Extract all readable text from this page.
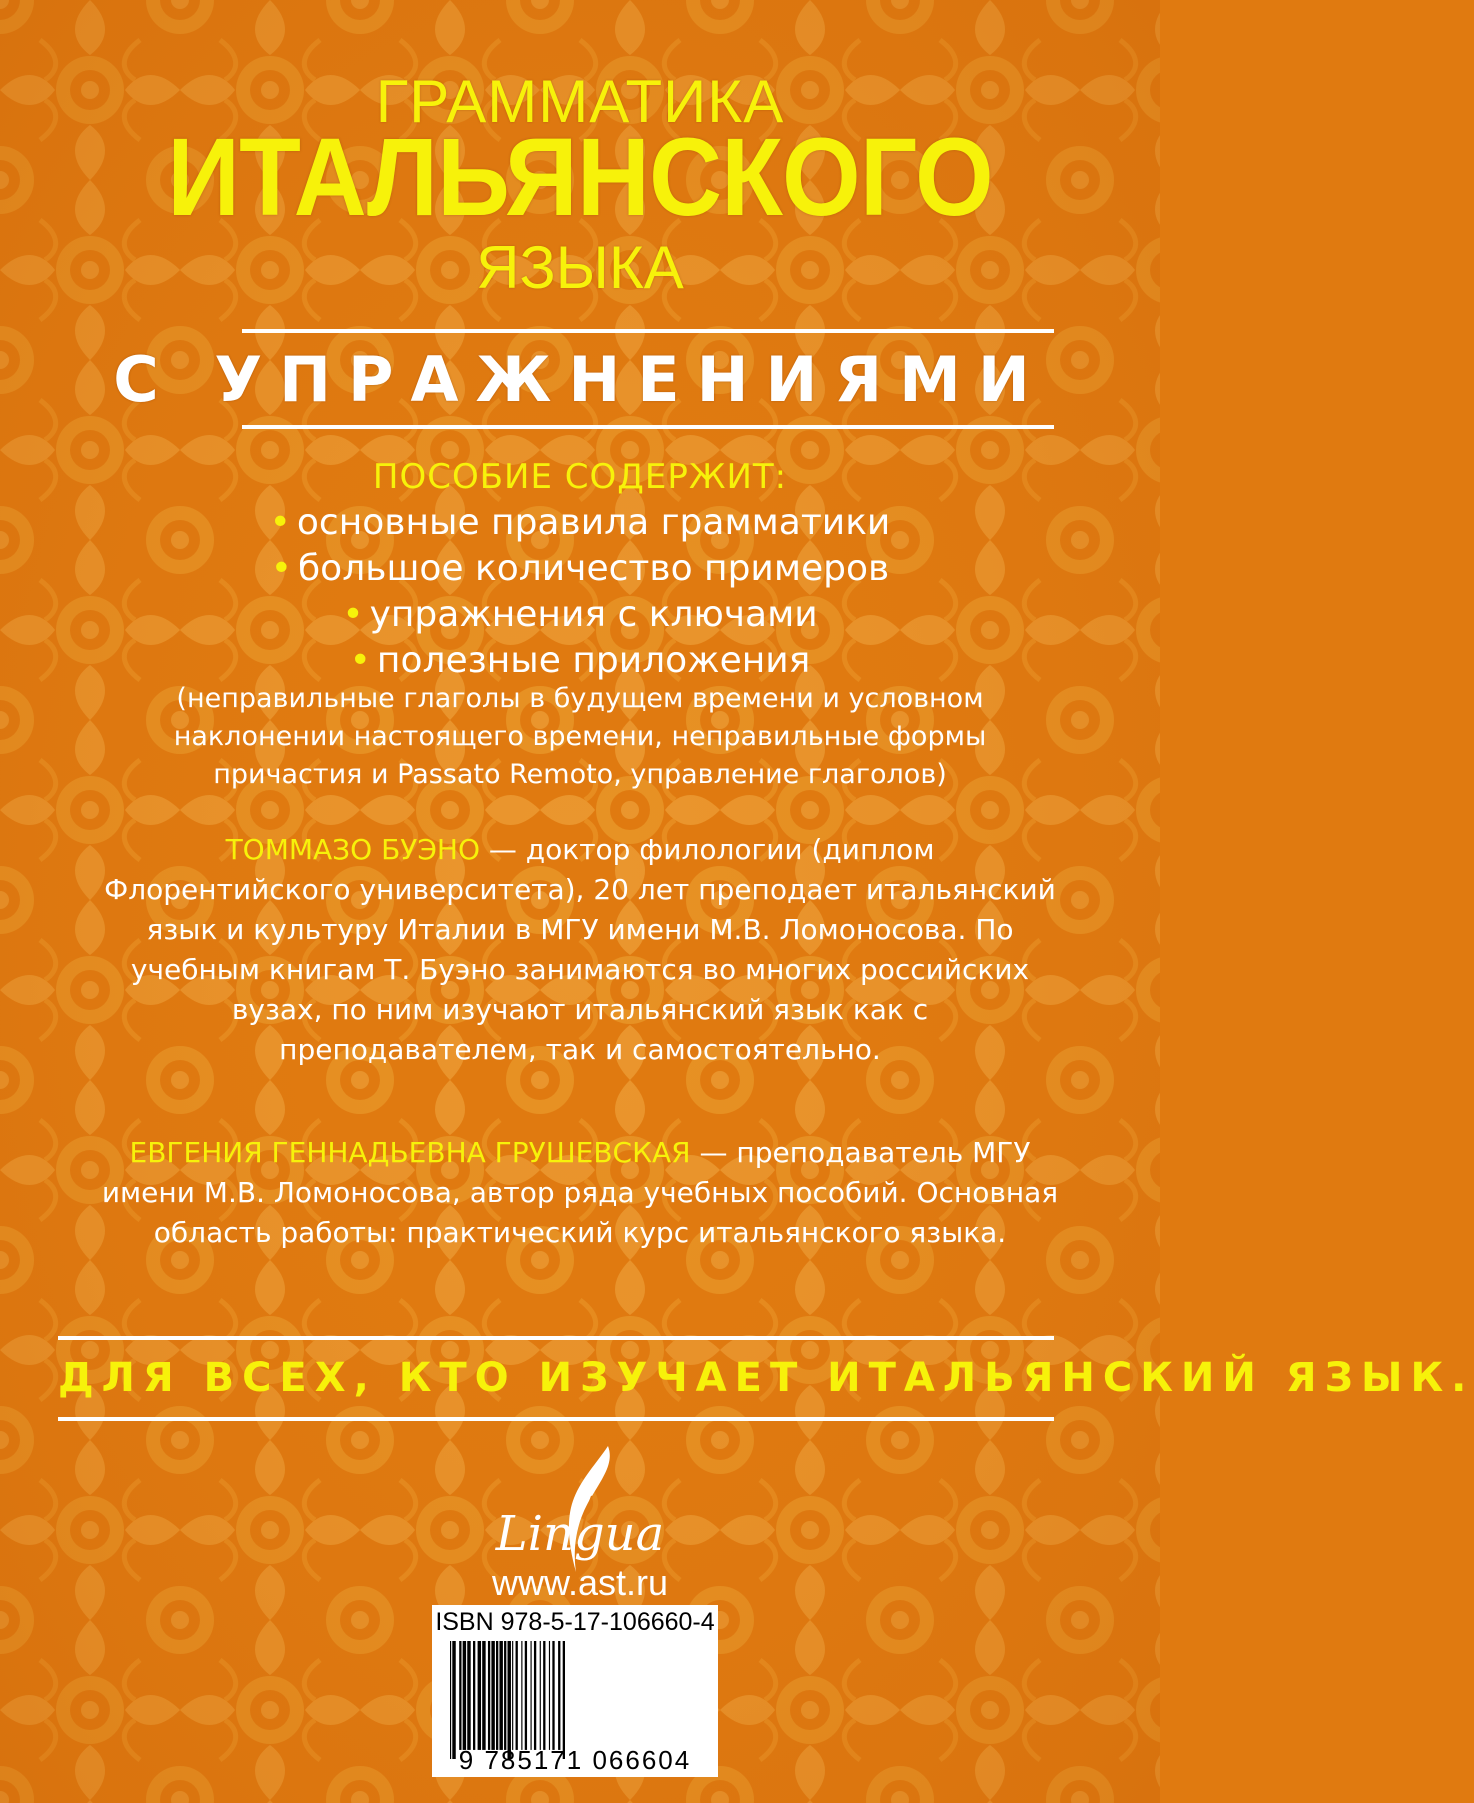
ГРАММАТИКА
ИТАЛЬЯНСКОГО
ЯЗЫКА
С УПРАЖНЕНИЯМИ
ПОСОБИЕ СОДЕРЖИТ:
• основные правила грамматики
• большое количество примеров
• упражнения с ключами
• полезные приложения
(неправильные глаголы в будущем времени и условном наклонении настоящего времени, неправильные формы причастия и Passato Remoto, управление глаголов)
ТОММАЗО БУЭНО — доктор филологии (диплом Флорентийского университета), 20 лет преподает итальянский язык и культуру Италии в МГУ имени М.В. Ломоносова. По учебным книгам Т. Буэно занимаются во многих российских вузах, по ним изучают итальянский язык как с преподавателем, так и самостоятельно.
ЕВГЕНИЯ ГЕННАДЬЕВНА ГРУШЕВСКАЯ — преподаватель МГУ имени М.В. Ломоносова, автор ряда учебных пособий. Основная область работы: практический курс итальянского языка.
ДЛЯ ВСЕХ, КТО ИЗУЧАЕТ ИТАЛЬЯНСКИЙ ЯЗЫК.
Lingua
www.ast.ru
ISBN 978-5-17-106660-4
9 785171 066604
